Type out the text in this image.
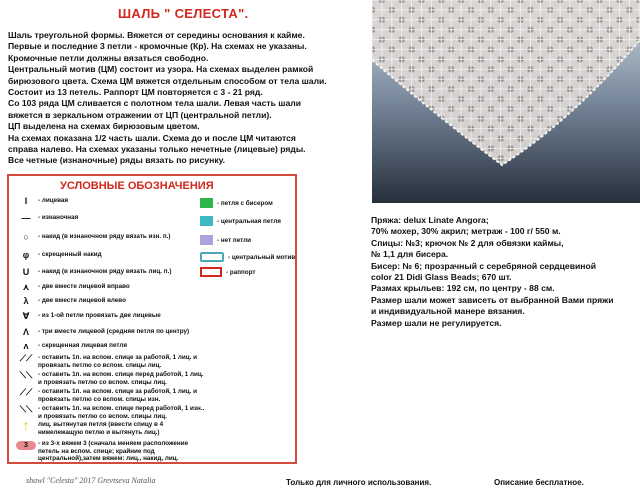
ШАЛЬ " СЕЛЕСТА".

Шаль треугольной формы. Вяжется от середины основания к кайме.

Первые и последние 3 петли - кромочные (Кр). На схемах не указаны.

Кромочные петли должны вязаться свободно.

Центральный мотив (ЦМ) состоит из узора. На схемах выделен рамкой

бирюзового цвета. Схема ЦМ вяжется отдельным способом от тела шали.

Состоит из 13 петель. Раппорт ЦМ повторяется с 3 - 21 ряд.

Со 103 ряда ЦМ сливается с полотном тела шали. Левая часть шали

вяжется в зеркальном отражении от ЦП (центральной петли).

ЦП выделена на схемах бирюзовым цветом.

На схемах показана 1/2 часть шали. Схема до и после ЦМ читаются

справа налево. На схемах указаны только нечетные (лицевые) ряды.

Все четные (изнаночные) ряды вязать по рисунку.

УСЛОВНЫЕ ОБОЗНАЧЕНИЯ
I	- лицевая
—	- изнаночная
○	- накид (в изнаночном ряду вязать изн. п.)
φ	- скрещенный накид
U	- накид (в изнаночном ряду вязать лиц. п.)
⋏	- две вместе лицевой вправо
λ	- две вместе лицевой влево
∀	- из 1-ой петли провязать две лицевые
Λ	- три вместе лицевой (средняя петля по центру)
ᴧ	- скрещенная лицевая петля
⟋⟋ - оставить 1п. на вспом. спице за работой, 1 лиц. и провязать петлю со вспом. спицы лиц.
⟍⟍ - оставить 1п. на вспом. спице перед работой, 1 лиц. и провязать петлю со вспом. спицы лиц.
⟋⟋ - оставить 1п. на вспом. спице за работой, 1 лиц. и провязать петлю со вспом. спицы изн.
⟍⟍ - оставить 1п. на вспом. спице перед работой, 1 изн.. и провязать петлю со вспом. спицы лиц.
↑	лиц. вытянутая петля (ввести спицу в 4 нижележащую петлю и вытянуть лиц.)
3	- из 3-х вяжем 3 (сначала меняем расположение петель на вспом. спице; крайние под центральной),затем вяжем: лиц., накид, лиц.
- петля с бисером
- центральная петля
- нет петли
- центральный мотив
- раппорт

Пряжа: delux Linate Angora;

70% мохер, 30% акрил; метраж - 100 г/ 550 м.

Спицы: №3; крючок № 2 для обвязки каймы,

№ 1,1 для бисера.

Бисер: № 6; прозрачный с серебряной сердцевиной

color 21 Didi Glass Beads; 670 шт.

Размах крыльев: 192 см, по центру - 88 см.

Размер шали может зависеть от выбранной Вами пряжи

и индивидуальной манере вязания.

Размер шали не регулируется.

shawl "Celesta" 2017 Grevtseva Natalia	Только для личного использования.	Описание бесплатное.
